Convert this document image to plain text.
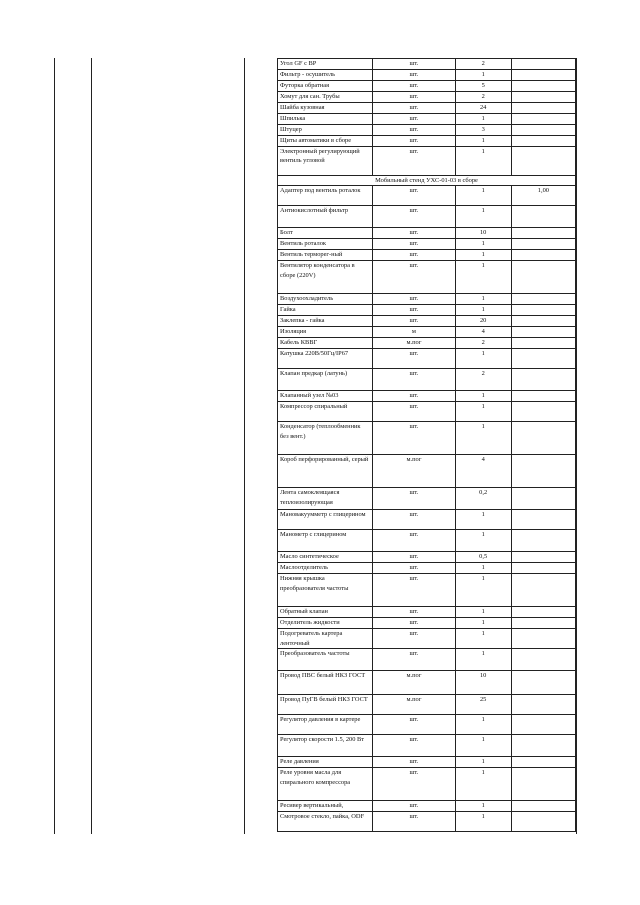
Угол GF с ВР	шт.	2	
Фильтр - осушитель	шт.	1	
Футорка обратная	шт.	5	
Хомут для сан. Трубы	шт.	2	
Шайба кузовная	шт.	24	
Шпилька	шт.	1	
Штуцер	шт.	3	
Щиты автоматики в сборе	шт.	1	
Электронный регулирующий вентиль угловой	шт.	1	
Мобильный стенд УХС-01-03 в сборе			
Адаптер под вентиль роталок	шт.	1	1,00
Антиокислотный фильтр	шт.	1	
Болт	шт.	10	
Вентиль роталок	шт.	1	
Вентиль терморег-ный	шт.	1	
Вентилятор конденсатора в сборе (220V)	шт.	1	
Воздухоохладитель	шт.	1	
Гайка	шт.	1	
Заклепка - гайка	шт.	20	
Изоляция	м	4	
Кабель КВВГ	м.пог	2	
Катушка 220В/50Гц/IP67	шт.	1	
Клапан предкар (латунь)	шт.	2	
Клапанный узел №03	шт.	1	
Компрессор спиральный	шт.	1	
Конденсатор (теплообменник без вент.)	шт.	1	
Короб перфорированный, серый	м.пог	4	
Лента самоклеящаяся теплоизолирующая	шт.	0,2	
Мановакуумметр с глицерином	шт.	1	
Манометр с глицерином	шт.	1	
Масло синтетическое	шт.	0,5	
Маслоотделитель	шт.	1	
Нижняя крышка преобразователя частоты	шт.	1	
Обратный клапан	шт.	1	
Отделитель жидкости	шт.	1	
Подогреватель картера ленточный	шт.	1	
Преобразователь частоты	шт.	1	
Провод ПВС белый НКЗ ГОСТ	м.пог	10	
Провод ПуГВ белый НКЗ ГОСТ	м.пог	25	
Регулятор давления в картере	шт.	1	
Регулятор скорости 1.5, 200 Вт	шт.	1	
Реле давления	шт.	1	
Реле уровня масла для спирального компрессора	шт.	1	
Ресивер вертикальный,	шт.	1	
Смотровое стекло, пайка, ODF	шт.	1	
